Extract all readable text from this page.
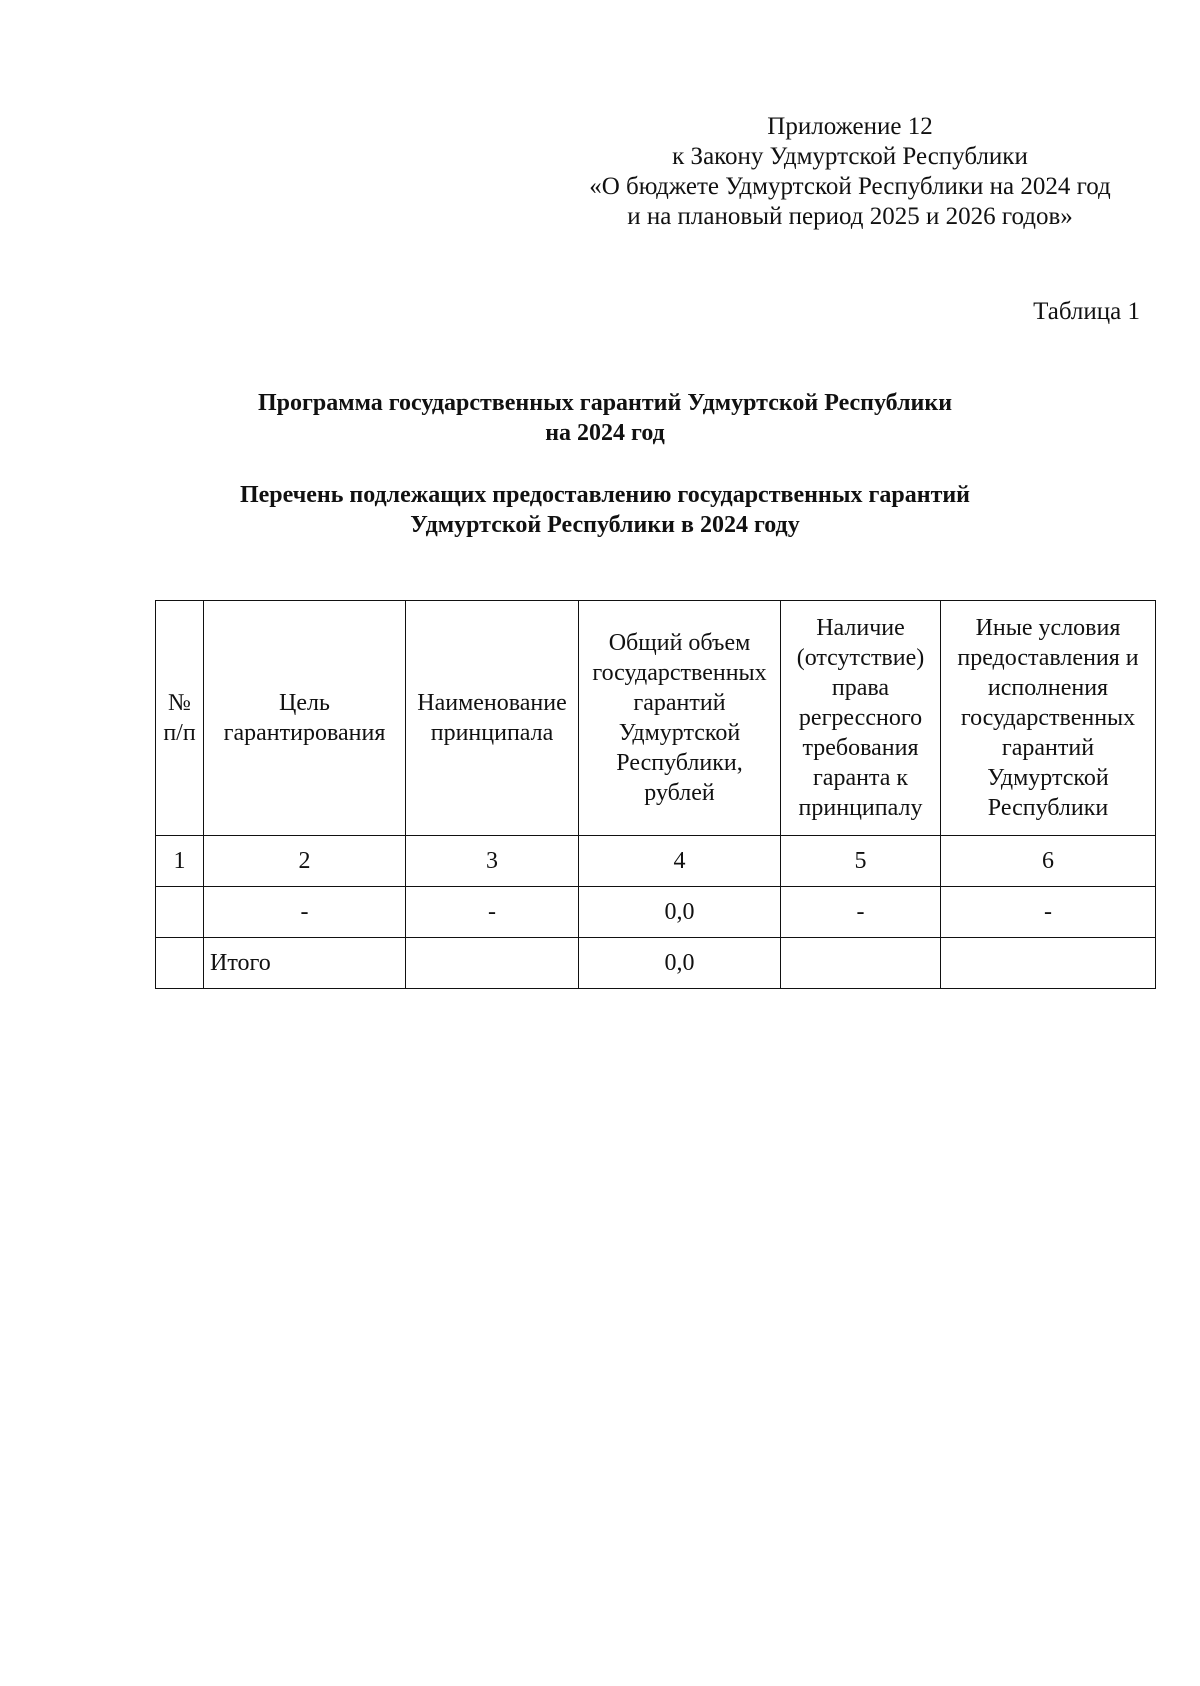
Приложение 12
к Закону Удмуртской Республики
«О бюджете Удмуртской Республики на 2024 год
и на плановый период 2025 и 2026 годов»
Таблица 1
Программа государственных гарантий Удмуртской Республики
на 2024 год
Перечень подлежащих предоставлению государственных гарантий
Удмуртской Республики в 2024 году
№ п/п	Цель гарантирования	Наименование принципала	Общий объем государственных гарантий Удмуртской Республики, рублей	Наличие (отсутствие) права регрессного требования гаранта к принципалу	Иные условия предоставления и исполнения государственных гарантий Удмуртской Республики
1	2	3	4	5	6
	-	-	0,0	-	-
	Итого		0,0		
